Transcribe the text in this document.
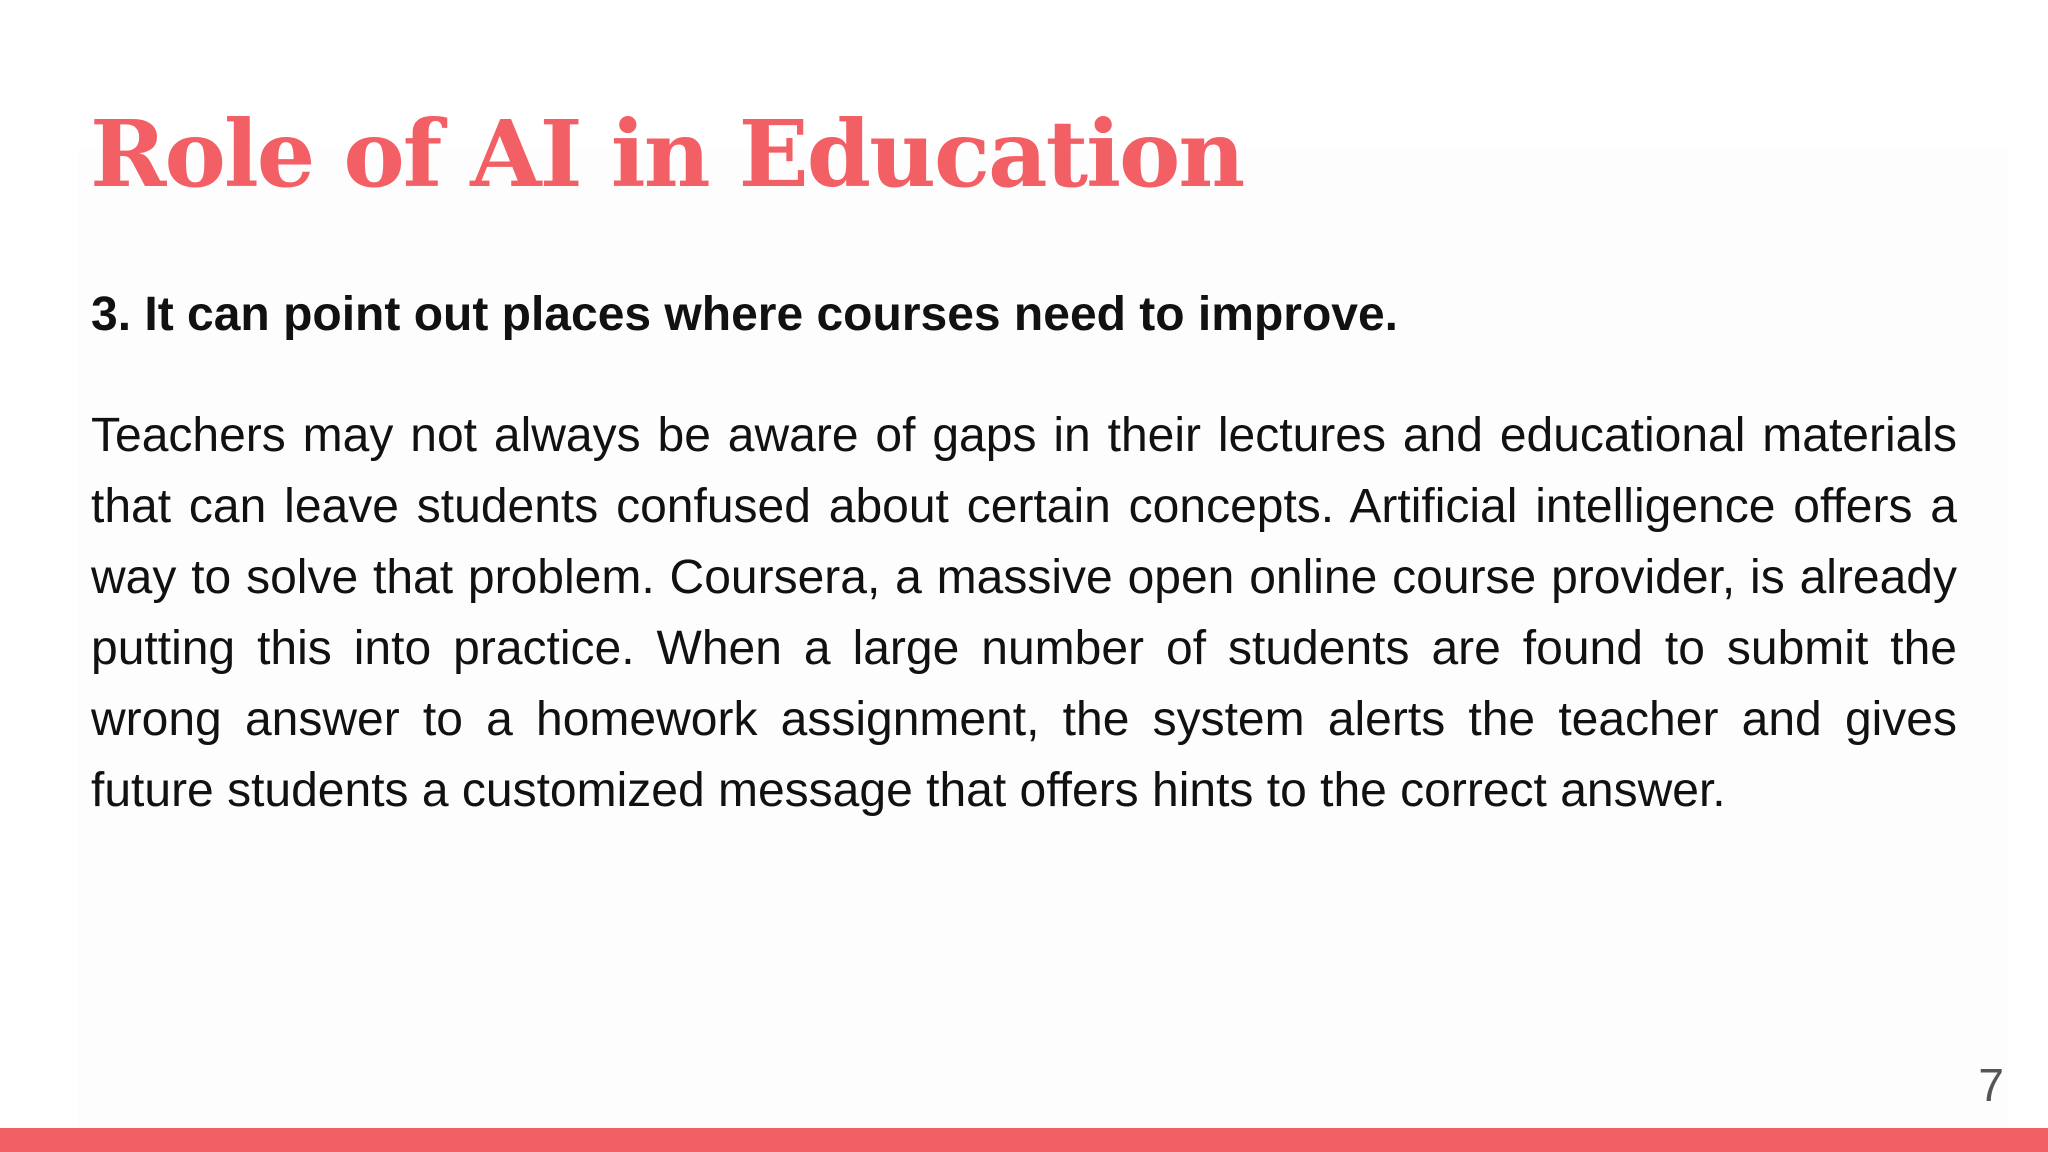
Role of AI in Education
3. It can point out places where courses need to improve.

Teachers may not always be aware of gaps in their lectures and educational materials that can leave students confused about certain concepts. Artificial intelligence offers a way to solve that problem. Coursera, a massive open online course provider, is already putting this into practice. When a large number of students are found to submit the wrong answer to a homework assignment, the system alerts the teacher and gives future students a customized message that offers hints to the correct answer.

7
